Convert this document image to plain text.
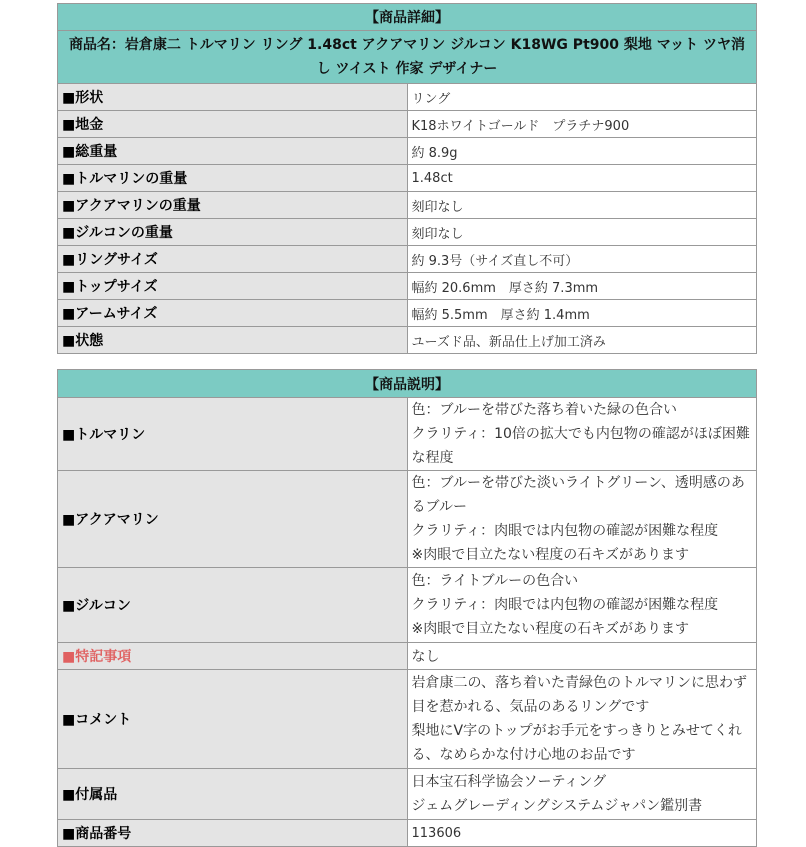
【商品詳細】	
商品名：岩倉康二 トルマリン リング 1.48ct アクアマリン ジルコン K18WG Pt900 梨地 マット ツヤ消し ツイスト 作家 デザイナー	
■形状	リング
■地金	K18ホワイトゴールド　プラチナ900
■総重量	約 8.9g
■トルマリンの重量	1.48ct
■アクアマリンの重量	刻印なし
■ジルコンの重量	刻印なし
■リングサイズ	約 9.3号（サイズ直し不可）
■トップサイズ	幅約 20.6mm　厚さ約 7.3mm
■アームサイズ	幅約 5.5mm　厚さ約 1.4mm
■状態	ユーズド品、新品仕上げ加工済み
【商品説明】	
■トルマリン	色：ブルーを帯びた落ち着いた緑の色合い
クラリティ：10倍の拡大でも内包物の確認がほぼ困難な程度

■アクアマリン	色：ブルーを帯びた淡いライトグリーン、透明感のあるブルー
クラリティ：肉眼では内包物の確認が困難な程度
※肉眼で目立たない程度の石キズがあります

■ジルコン	色：ライトブルーの色合い
クラリティ：肉眼では内包物の確認が困難な程度
※肉眼で目立たない程度の石キズがあります

■特記事項	なし
■コメント	岩倉康二の、落ち着いた青緑色のトルマリンに思わず目を惹かれる、気品のあるリングです
梨地にV字のトップがお手元をすっきりとみせてくれる、なめらかな付け心地のお品です

■付属品	日本宝石科学協会ソーティング
ジェムグレーディングシステムジャパン鑑別書

■商品番号	113606
